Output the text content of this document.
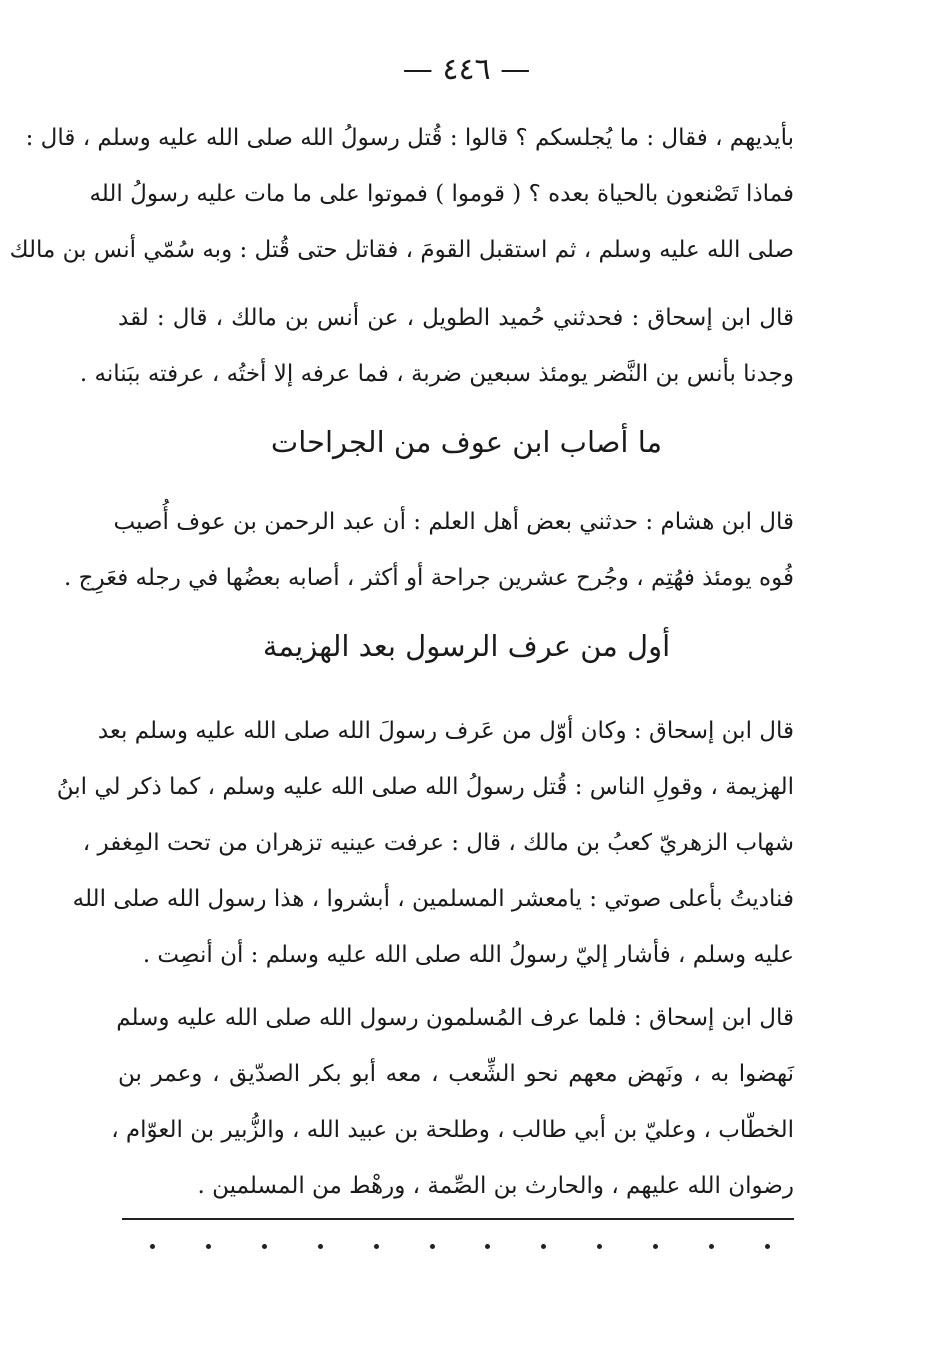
— ٤٤٦ —
بأيديهم ، فقال : ما يُجلسكم ؟ قالوا : قُتل رسولُ الله صلى الله عليه وسلم ، قال :
فماذا تَصْنعون بالحياة بعده ؟ ( قوموا ) فموتوا على ما مات عليه رسولُ الله
صلى الله عليه وسلم ، ثم استقبل القومَ ، فقاتل حتى قُتل : وبه سُمّي أنس بن مالك
قال ابن إسحاق : فحدثني حُميد الطويل ، عن أنس بن مالك ، قال : لقد
وجدنا بأنس بن النَّضر يومئذ سبعين ضربة ، فما عرفه إلا أختُه ، عرفته ببَنانه .
ما أصاب ابن عوف من الجراحات
قال ابن هشام : حدثني بعض أهل العلم : أن عبد الرحمن بن عوف أُصيب
فُوه يومئذ فهُتِم ، وجُرح عشرين جراحة أو أكثر ، أصابه بعضُها في رجله فعَرِج .
أول من عرف الرسول بعد الهزيمة
قال ابن إسحاق : وكان أوّل من عَرف رسولَ الله صلى الله عليه وسلم بعد
الهزيمة ، وقولِ الناس : قُتل رسولُ الله صلى الله عليه وسلم ، كما ذكر لي ابنُ
شهاب الزهريّ كعبُ بن مالك ، قال : عرفت عينيه تزهران من تحت المِغفر ،
فناديتُ بأعلى صوتي : يامعشر المسلمين ، أبشروا ، هذا رسول الله صلى الله
عليه وسلم ، فأشار إليّ رسولُ الله صلى الله عليه وسلم : أن أنصِت .
قال ابن إسحاق : فلما عرف المُسلمون رسول الله صلى الله عليه وسلم
نَهضوا به ، ونَهض معهم نحو الشِّعب ، معه أبو بكر الصدّيق ، وعمر بن
الخطّاب ، وعليّ بن أبي طالب ، وطلحة بن عبيد الله ، والزُّبير بن العوّام ،
رضوان الله عليهم ، والحارث بن الصِّمة ، ورهْط من المسلمين .
